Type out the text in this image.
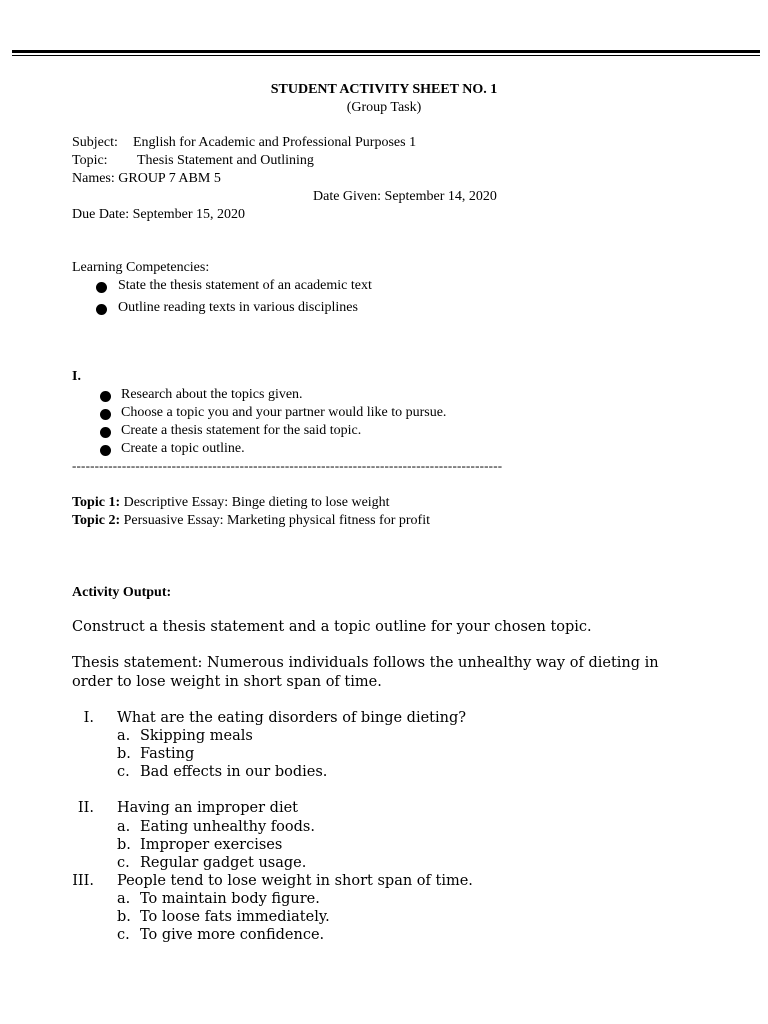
STUDENT ACTIVITY SHEET NO. 1
(Group Task)
Subject: English for Academic and Professional Purposes 1
Topic: Thesis Statement and Outlining
Names: GROUP 7 ABM 5
Date Given: September 14, 2020
Due Date: September 15, 2020
Learning Competencies:
State the thesis statement of an academic text
Outline reading texts in various disciplines
I.
Research about the topics given.
Choose a topic you and your partner would like to pursue.
Create a thesis statement for the said topic.
Create a topic outline.
-----------------------------------------------------------------------------------------------
Topic 1: Descriptive Essay: Binge dieting to lose weight
Topic 2: Persuasive Essay: Marketing physical fitness for profit
Activity Output:
Construct a thesis statement and a topic outline for your chosen topic.
Thesis statement: Numerous individuals follows the unhealthy way of dieting in
order to lose weight in short span of time.
I. What are the eating disorders of binge dieting?
a. Skipping meals
b. Fasting
c. Bad effects in our bodies.
II. Having an improper diet
a. Eating unhealthy foods.
b. Improper exercises
c. Regular gadget usage.
III. People tend to lose weight in short span of time.
a. To maintain body figure.
b. To loose fats immediately.
c. To give more confidence.
